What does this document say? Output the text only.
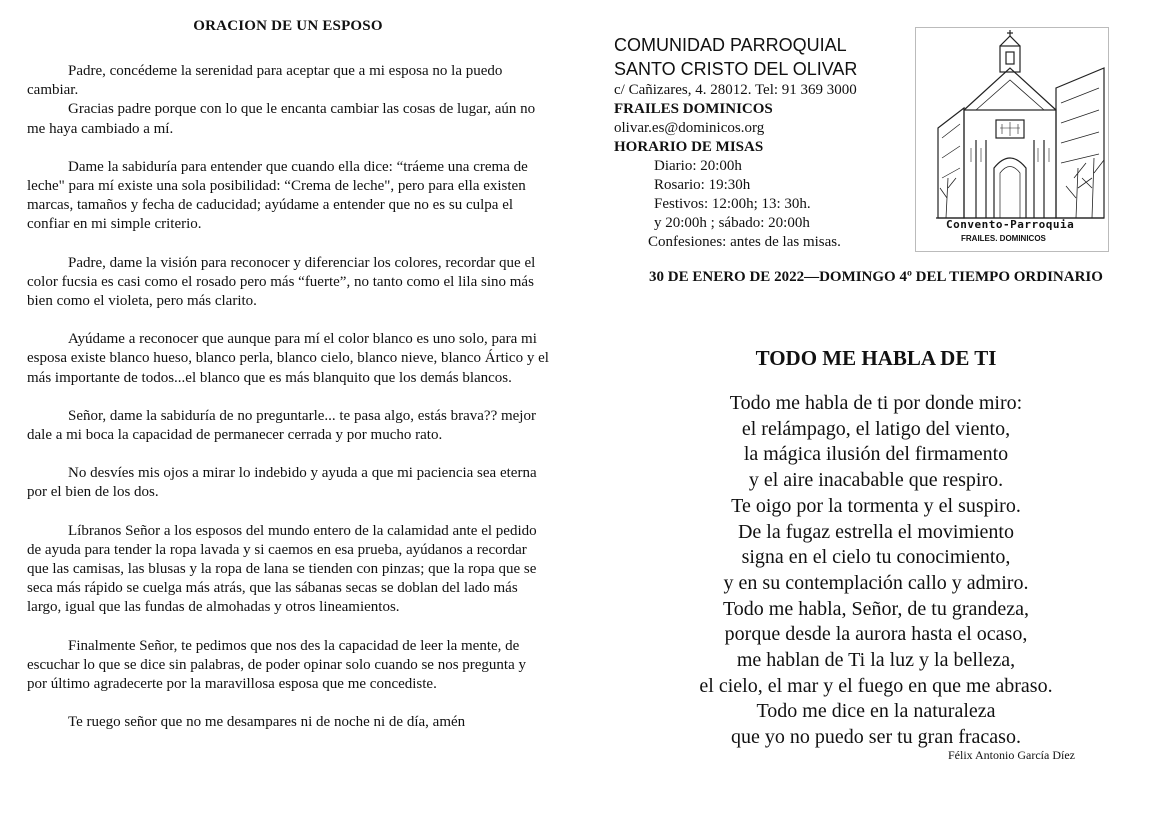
ORACION DE UN ESPOSO

Padre, concédeme la serenidad para aceptar que a mi esposa no la puedo cambiar.
Gracias padre porque con lo que le encanta cambiar las cosas de lugar, aún no me haya cambiado a mí.

Dame la sabiduría para entender que cuando ella dice: “tráeme una crema de leche" para mí existe una sola posibilidad: “Crema de leche", pero para ella existen marcas, tamaños y fecha de caducidad; ayúdame a entender que no es su culpa el confiar en mi simple criterio.

Padre, dame la visión para reconocer y diferenciar los colores, recordar que el color fucsia es casi como el rosado pero más “fuerte”, no tanto como el lila sino más bien como el violeta, pero más clarito.

Ayúdame a reconocer que aunque para mí el color blanco es uno solo, para mi esposa existe blanco hueso, blanco perla, blanco cielo, blanco nieve, blanco Ártico y el más importante de todos...el blanco que es más blanquito que los demás blancos.

Señor, dame la sabiduría de no preguntarle... te pasa algo, estás brava?? mejor dale a mi boca la capacidad de permanecer cerrada y por mucho rato.

No desvíes mis ojos a mirar lo indebido y ayuda a que mi paciencia sea eterna por el bien de los dos.

Líbranos Señor a los esposos del mundo entero de la calamidad ante el pedido de ayuda para tender la ropa lavada y si caemos en esa prueba, ayúdanos a recordar que las camisas, las blusas y la ropa de lana se tienden con pinzas; que la ropa que se seca más rápido se cuelga más atrás, que las sábanas secas se doblan del lado más largo, igual que las fundas de almohadas y otros lineamientos.

Finalmente Señor, te pedimos que nos des la capacidad de leer la mente, de escuchar lo que se dice sin palabras, de poder opinar solo cuando se nos pregunta y por último agradecerte por la maravillosa esposa que me concediste.

Te ruego señor que no me desampares ni de noche ni de día, amén

COMUNIDAD PARROQUIAL
SANTO CRISTO DEL OLIVAR
c/ Cañizares, 4. 28012. Tel: 91 369 3000
FRAILES DOMINICOS
olivar.es@dominicos.org
HORARIO DE MISAS
Diario: 20:00h
Rosario: 19:30h
Festivos: 12:00h; 13: 30h.
y 20:00h ; sábado: 20:00h
Confesiones: antes de las misas.
Convento-Parroquia
FRAILES. DOMINICOS
30 DE ENERO DE 2022—DOMINGO 4º DEL TIEMPO ORDINARIO
TODO ME HABLA DE TI
Todo me habla de ti por donde miro:
el relámpago, el latigo del viento,
la mágica ilusión del firmamento
y el aire inacabable que respiro.
Te oigo por la tormenta y el suspiro.
De la fugaz estrella el movimiento
signa en el cielo tu conocimiento,
y en su contemplación callo y admiro.
Todo me habla, Señor, de tu grandeza,
porque desde la aurora hasta el ocaso,
me hablan de Ti la luz y la belleza,
el cielo, el mar y el fuego en que me abraso.
Todo me dice en la naturaleza
que yo no puedo ser tu gran fracaso.
Félix Antonio García Díez
